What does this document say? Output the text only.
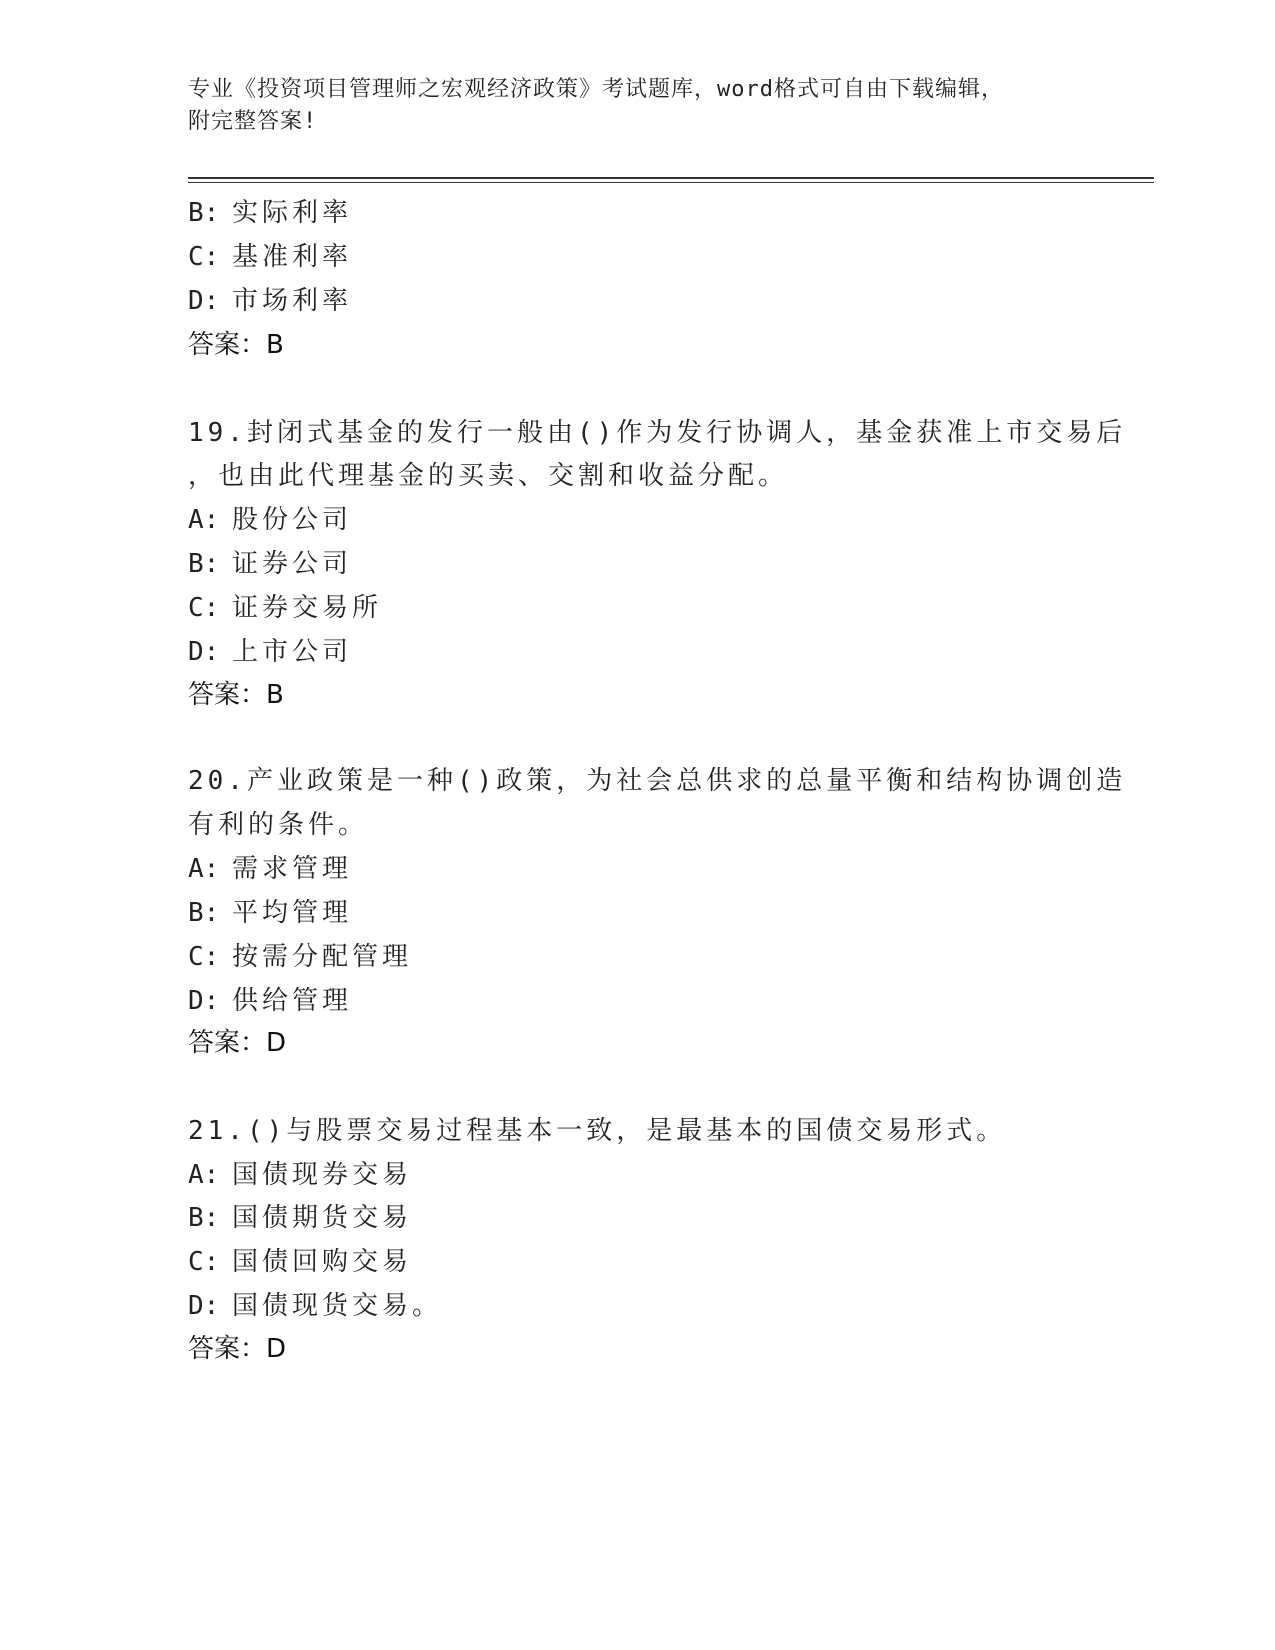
专业《投资项目管理师之宏观经济政策》考试题库，word格式可自由下载编辑，
附完整答案!
B: 实际利率
C: 基准利率
D: 市场利率
答案：B
19.封闭式基金的发行一般由()作为发行协调人，基金获准上市交易后
，也由此代理基金的买卖、交割和收益分配。
A: 股份公司
B: 证券公司
C: 证券交易所
D: 上市公司
答案：B
20.产业政策是一种()政策，为社会总供求的总量平衡和结构协调创造
有利的条件。
A: 需求管理
B: 平均管理
C: 按需分配管理
D: 供给管理
答案：D
21.()与股票交易过程基本一致，是最基本的国债交易形式。
A: 国债现券交易
B: 国债期货交易
C: 国债回购交易
D: 国债现货交易。
答案：D
